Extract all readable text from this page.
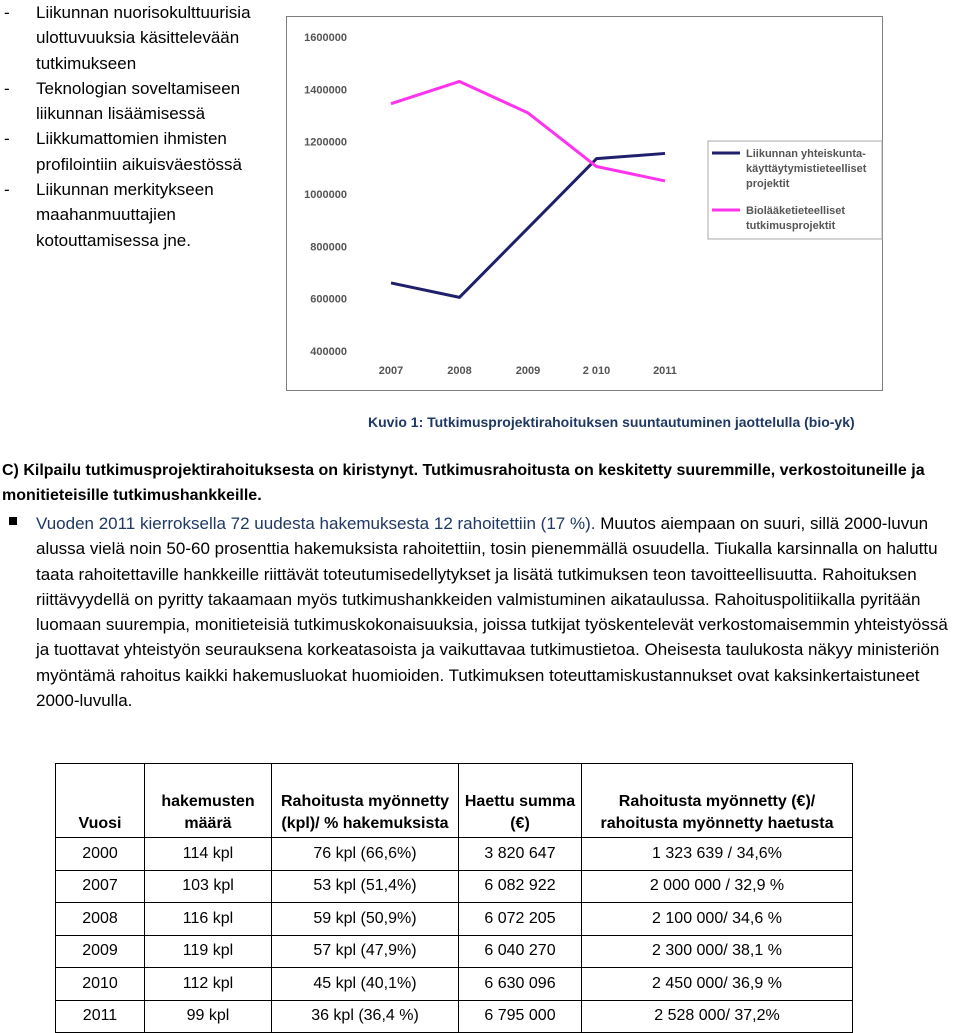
-	Liikunnan nuorisokulttuurisia ulottuvuuksia käsittelevään tutkimukseen
-	Teknologian soveltamiseen liikunnan lisäämisessä
-	Liikkumattomien ihmisten profilointiin aikuisväestössä
-	Liikunnan merkitykseen maahanmuuttajien kotouttamisessa jne.
400000
600000
800000
1000000
1200000
1400000
1600000
2007	2008	2009	2 010	2011
Liikunnan yhteiskunta-käyttäytymistieteelliset projektit
Biolääketieteelliset tutkimusprojektit
Kuvio 1: Tutkimusprojektirahoituksen suuntautuminen jaottelulla (bio-yk)
C) Kilpailu tutkimusprojektirahoituksesta on kiristynyt. Tutkimusrahoitusta on keskitetty suuremmille, verkostoituneille ja monitieteisille tutkimushankkeille.
Vuoden 2011 kierroksella 72 uudesta hakemuksesta 12 rahoitettiin (17 %). Muutos aiempaan on suuri, sillä 2000-luvun alussa vielä noin 50-60 prosenttia hakemuksista rahoitettiin, tosin pienemmällä osuudella. Tiukalla karsinnalla on haluttu taata rahoitettaville hankkeille riittävät toteutumisedellytykset ja lisätä tutkimuksen teon tavoitteellisuutta. Rahoituksen riittävyydellä on pyritty takaamaan myös tutkimushankkeiden valmistuminen aikataulussa. Rahoituspolitiikalla pyritään luomaan suurempia, monitieteisiä tutkimuskokonaisuuksia, joissa tutkijat työskentelevät verkostomaisemmin yhteistyössä ja tuottavat yhteistyön seurauksena korkeatasoista ja vaikuttavaa tutkimustietoa. Oheisesta taulukosta näkyy ministeriön myöntämä rahoitus kaikki hakemusluokat huomioiden. Tutkimuksen toteuttamiskustannukset ovat kaksinkertaistuneet 2000-luvulla.
Vuosi	hakemusten määrä	Rahoitusta myönnetty (kpl)/ % hakemuksista	Haettu summa (€)	Rahoitusta myönnetty (€)/ rahoitusta myönnetty haetusta
2000	114 kpl	76 kpl (66,6%)	3 820 647	1 323 639 / 34,6%
2007	103 kpl	53 kpl (51,4%)	6 082 922	2 000 000 / 32,9 %
2008	116 kpl	59 kpl (50,9%)	6 072 205	2 100 000/ 34,6 %
2009	119 kpl	57 kpl (47,9%)	6 040 270	2 300 000/ 38,1 %
2010	112 kpl	45 kpl (40,1%)	6 630 096	2 450 000/ 36,9 %
2011	99 kpl	36 kpl (36,4 %)	6 795 000	2 528 000/ 37,2%
